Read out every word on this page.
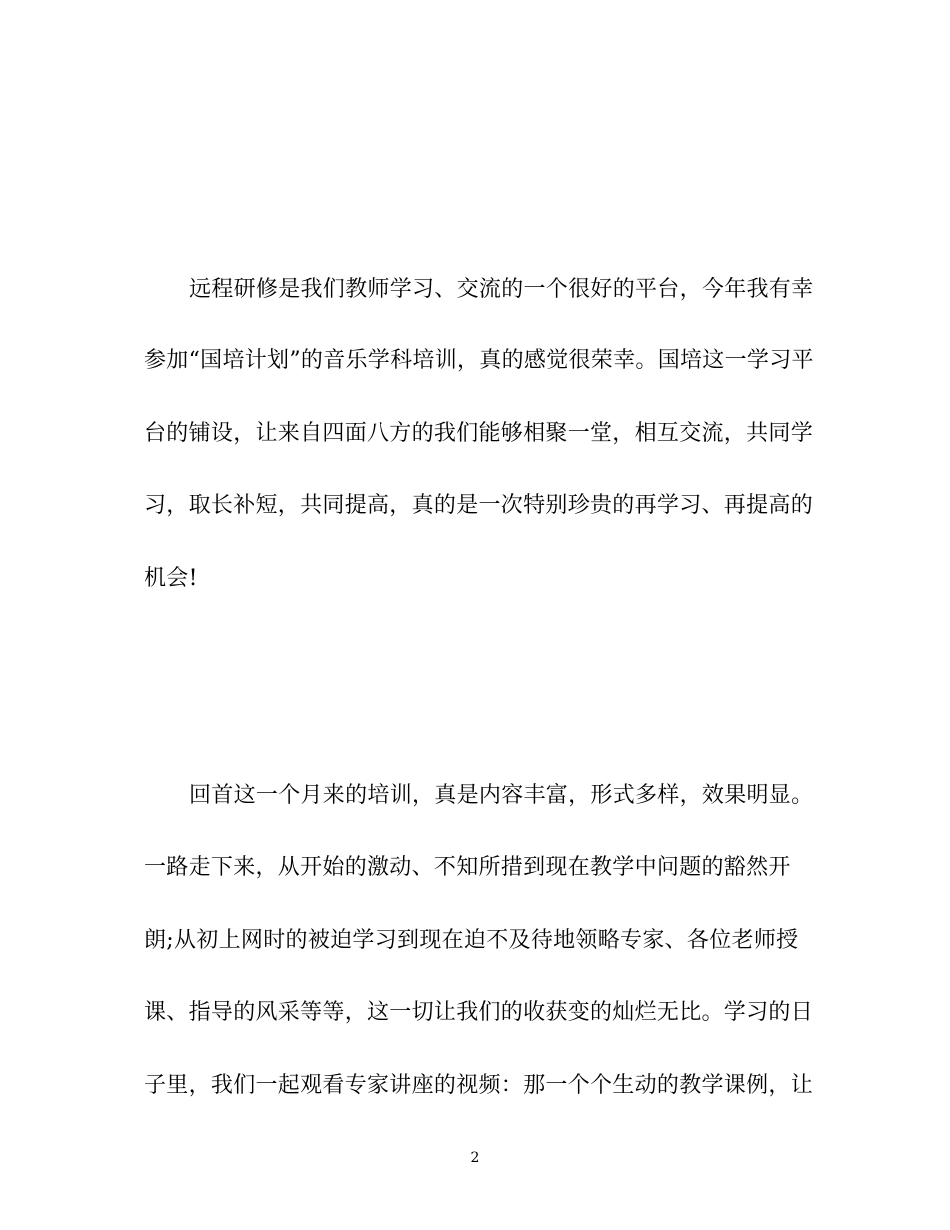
远程研修是我们教师学习、交流的一个很好的平台，今年我有幸
参加“国培计划”的音乐学科培训，真的感觉很荣幸。国培这一学习平
台的铺设，让来自四面八方的我们能够相聚一堂，相互交流，共同学
习，取长补短，共同提高，真的是一次特别珍贵的再学习、再提高的
机会!
回首这一个月来的培训，真是内容丰富，形式多样，效果明显。
一路走下来，从开始的激动、不知所措到现在教学中问题的豁然开
朗;从初上网时的被迫学习到现在迫不及待地领略专家、各位老师授
课、指导的风采等等，这一切让我们的收获变的灿烂无比。学习的日
子里，我们一起观看专家讲座的视频：那一个个生动的教学课例，让
2
